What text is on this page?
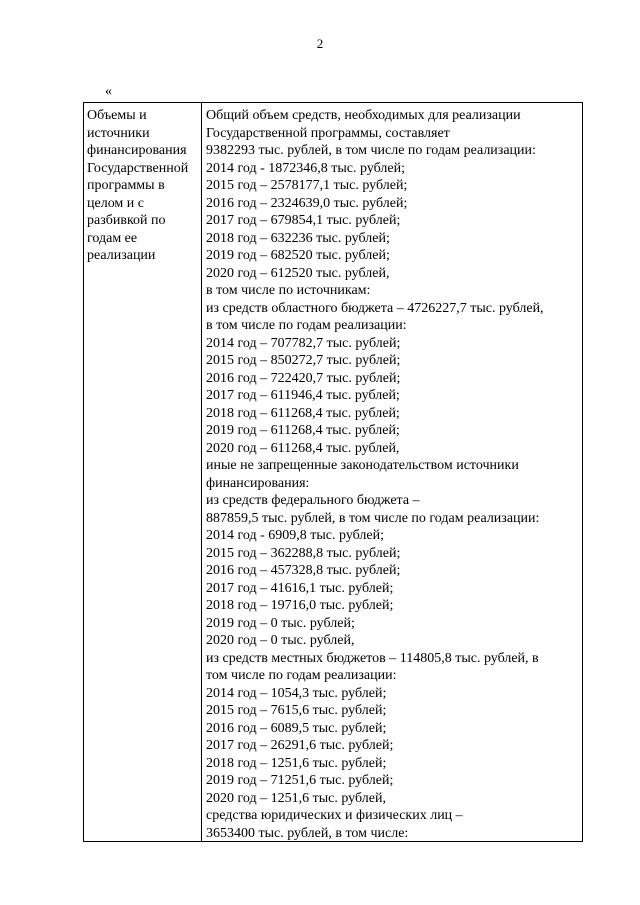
2
«
Объемы и
источники
финансирования
Государственной
программы в
целом и с
разбивкой по
годам ее
реализации
Общий объем средств, необходимых для реализации
Государственной программы, составляет
9382293 тыс. рублей, в том числе по годам реализации:
2014 год - 1872346,8 тыс. рублей;
2015 год – 2578177,1 тыс. рублей;
2016 год – 2324639,0 тыс. рублей;
2017 год – 679854,1 тыс. рублей;
2018 год – 632236 тыс. рублей;
2019 год – 682520 тыс. рублей;
2020 год – 612520 тыс. рублей,
в том числе по источникам:
из средств областного бюджета – 4726227,7 тыс. рублей,
в том числе по годам реализации:
2014 год – 707782,7 тыс. рублей;
2015 год – 850272,7 тыс. рублей;
2016 год – 722420,7 тыс. рублей;
2017 год – 611946,4 тыс. рублей;
2018 год – 611268,4 тыс. рублей;
2019 год – 611268,4 тыс. рублей;
2020 год – 611268,4 тыс. рублей,
иные не запрещенные законодательством источники
финансирования:
из средств федерального бюджета –
887859,5 тыс. рублей, в том числе по годам реализации:
2014 год - 6909,8 тыс. рублей;
2015 год – 362288,8 тыс. рублей;
2016 год – 457328,8 тыс. рублей;
2017 год – 41616,1 тыс. рублей;
2018 год – 19716,0 тыс. рублей;
2019 год – 0 тыс. рублей;
2020 год – 0 тыс. рублей,
из средств местных бюджетов – 114805,8 тыс. рублей, в
том числе по годам реализации:
2014 год – 1054,3 тыс. рублей;
2015 год – 7615,6 тыс. рублей;
2016 год – 6089,5 тыс. рублей;
2017 год – 26291,6 тыс. рублей;
2018 год – 1251,6 тыс. рублей;
2019 год – 71251,6 тыс. рублей;
2020 год – 1251,6 тыс. рублей,
средства юридических и физических лиц –
3653400 тыс. рублей, в том числе:
